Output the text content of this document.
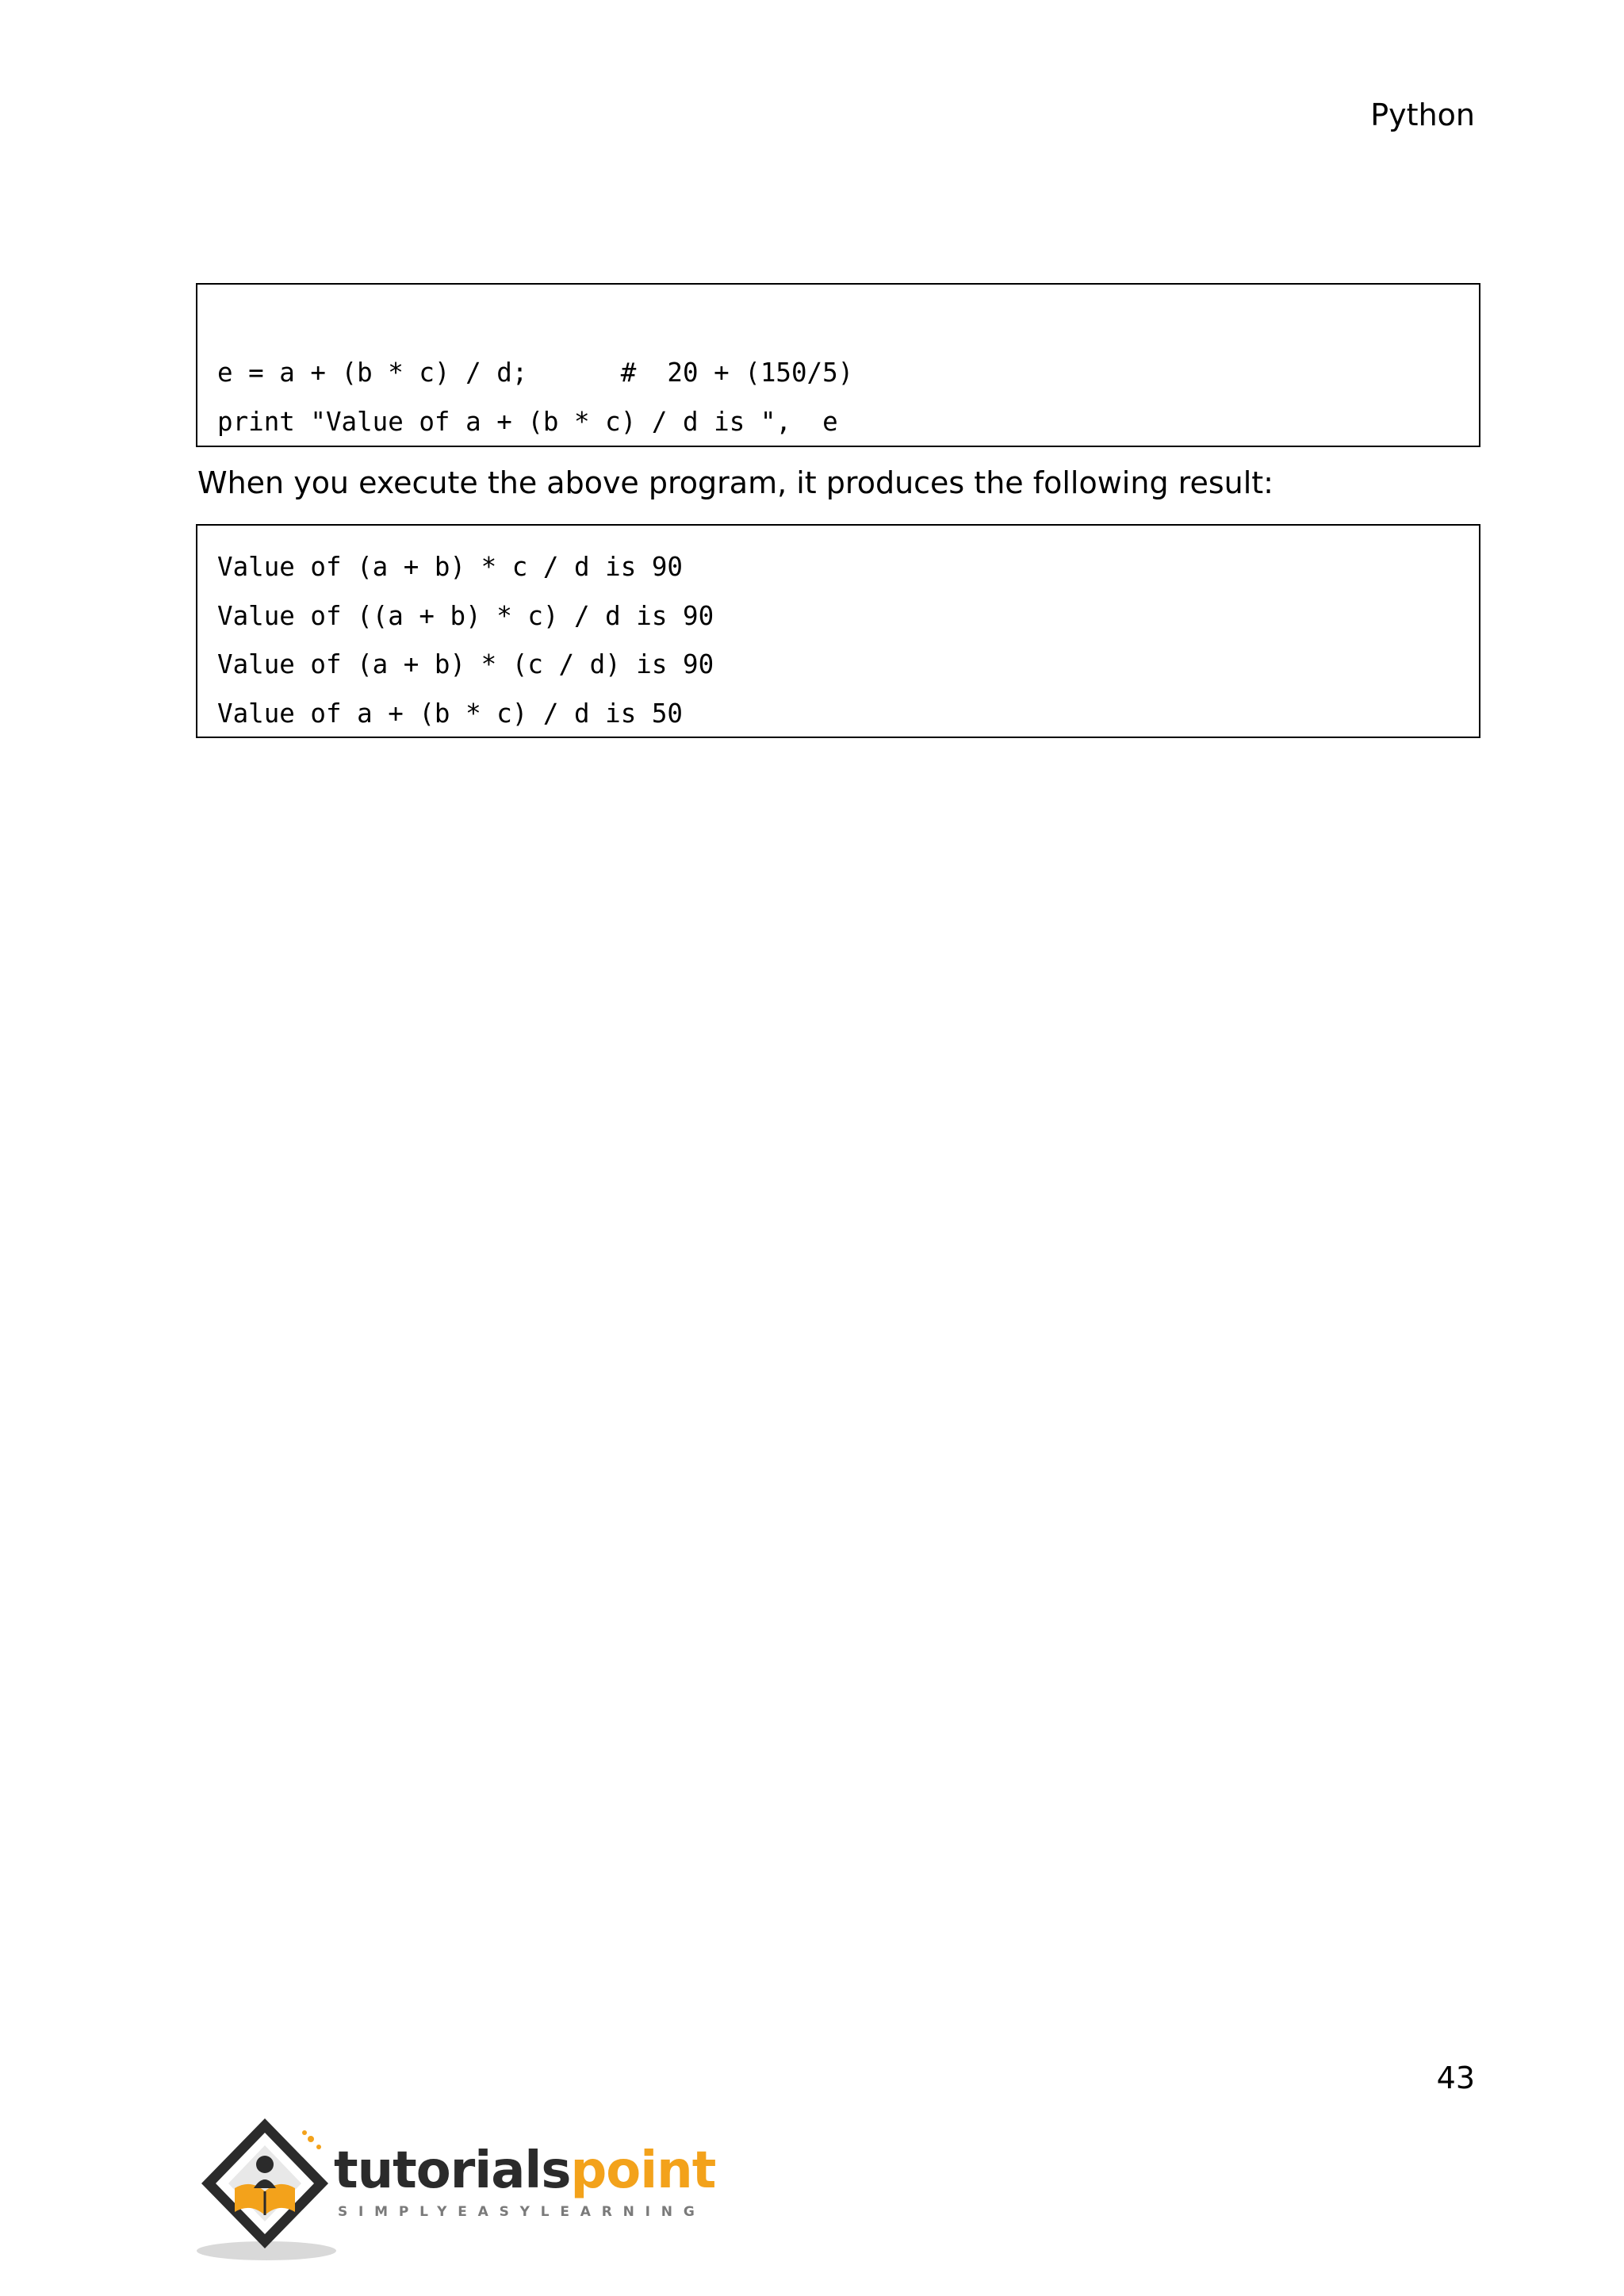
Python
e = a + (b * c) / d;      #  20 + (150/5)
print "Value of a + (b * c) / d is ",  e
When you execute the above program, it produces the following result:
Value of (a + b) * c / d is 90
Value of ((a + b) * c) / d is 90
Value of (a + b) * (c / d) is 90
Value of a + (b * c) / d is 50
43
tutorialspoint
SIMPLYEASYLEARNING
